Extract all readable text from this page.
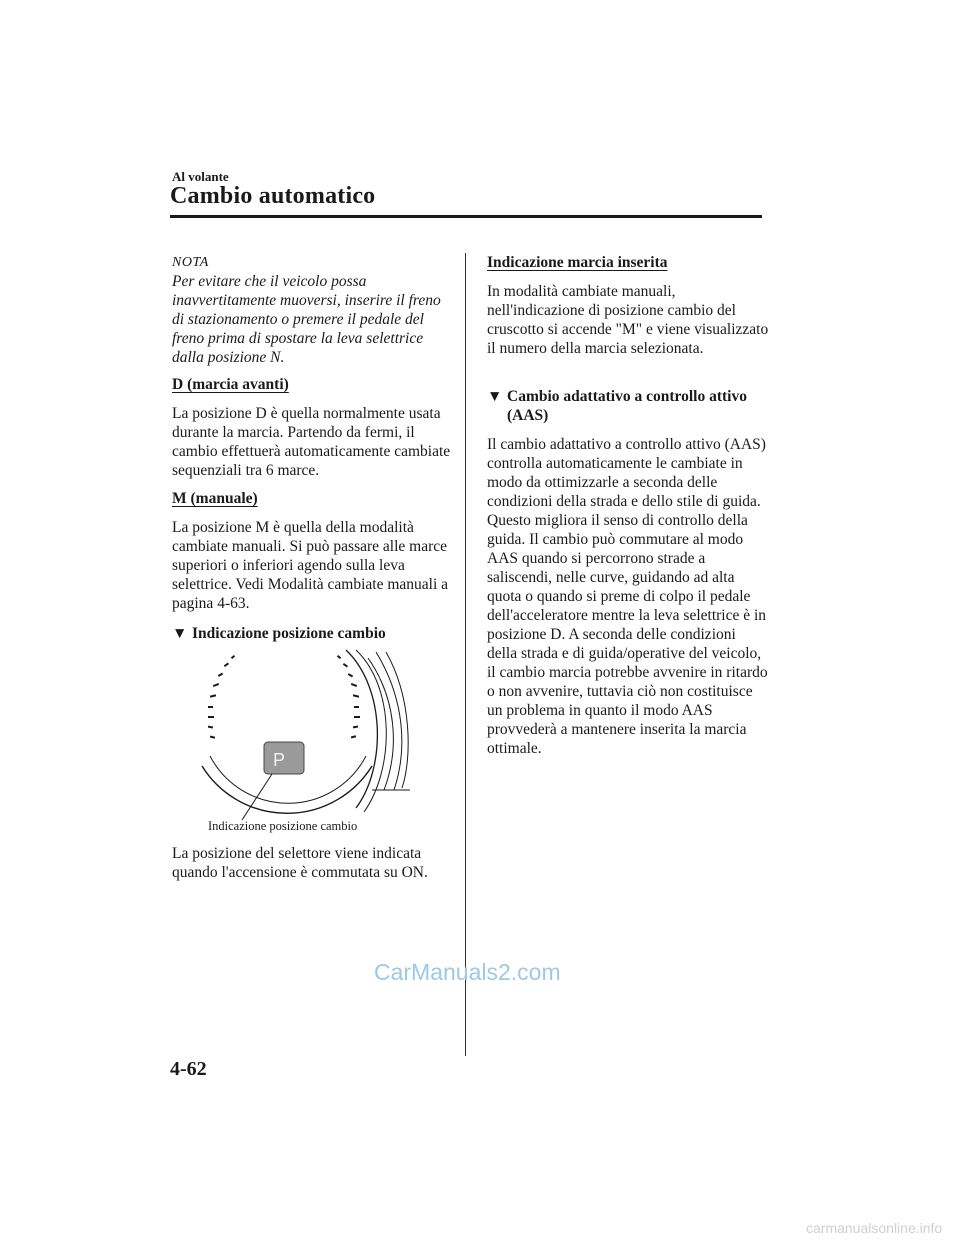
Al volante
Cambio automatico

NOTA

Per evitare che il veicolo possa inavvertitamente muoversi, inserire il freno di stazionamento o premere il pedale del freno prima di spostare la leva selettrice dalla posizione N.

D (marcia avanti)
La posizione D è quella normalmente usata durante la marcia. Partendo da fermi, il cambio effettuerà automaticamente cambiate sequenziali tra 6 marce.
M (manuale)
La posizione M è quella della modalità cambiate manuali. Si può passare alle marce superiori o inferiori agendo sulla leva selettrice. Vedi Modalità cambiate manuali a pagina 4-63.
▼ Indicazione posizione cambio
P
Indicazione posizione cambio
La posizione del selettore viene indicata quando l'accensione è commutata su ON.
Indicazione marcia inserita
In modalità cambiate manuali, nell'indicazione di posizione cambio del cruscotto si accende "M" e viene visualizzato il numero della marcia selezionata.
▼ Cambio adattativo a controllo attivo (AAS)
Il cambio adattativo a controllo attivo (AAS) controlla automaticamente le cambiate in modo da ottimizzarle a seconda delle condizioni della strada e dello stile di guida. Questo migliora il senso di controllo della guida. Il cambio può commutare al modo AAS quando si percorrono strade a saliscendi, nelle curve, guidando ad alta quota o quando si preme di colpo il pedale dell'acceleratore mentre la leva selettrice è in posizione D. A seconda delle condizioni della strada e di guida/operative del veicolo, il cambio marcia potrebbe avvenire in ritardo o non avvenire, tuttavia ciò non costituisce un problema in quanto il modo AAS provvederà a mantenere inserita la marcia ottimale.
CarManuals2.com
4-62
carmanualsonline.info
